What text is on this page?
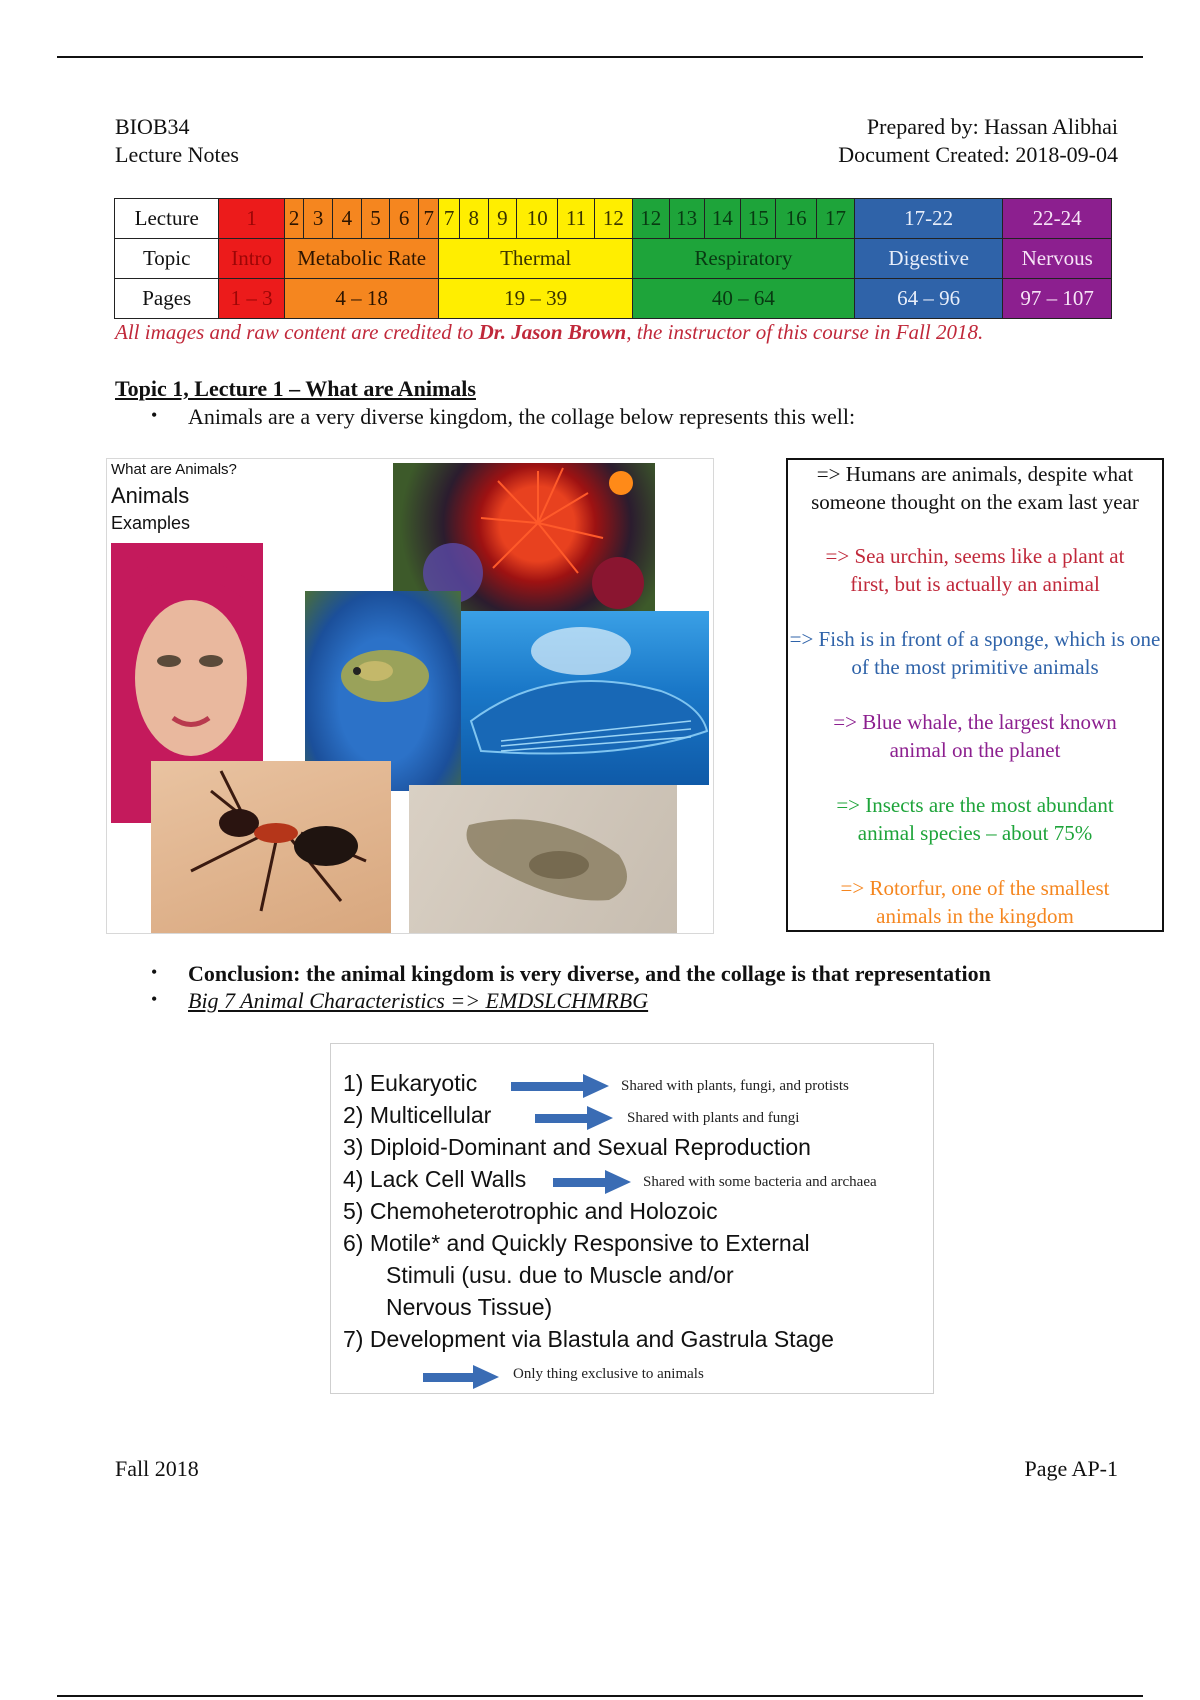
BIOB34
Lecture Notes
Prepared by: Hassan Alibhai
Document Created: 2018-09-04
Lecture	1	2	3	4	5	6	7	7	8	9	10	11	12	12	13	14	15	16	17	17-22	22-24
Topic	Intro	Metabolic Rate						Thermal						Respiratory						Digestive	Nervous
Pages	1 – 3	4 – 18						19 – 39						40 – 64						64 – 96	97 – 107
All images and raw content are credited to Dr. Jason Brown, the instructor of this course in Fall 2018.
Topic 1, Lecture 1 – What are Animals
• Animals are a very diverse kingdom, the collage below represents this well:
What are Animals?
Animals
Examples
=> Humans are animals, despite what someone thought on the exam last year
=> Sea urchin, seems like a plant at first, but is actually an animal
=> Fish is in front of a sponge, which is one of the most primitive animals
=> Blue whale, the largest known animal on the planet
=> Insects are the most abundant animal species – about 75%
=> Rotorfur, one of the smallest animals in the kingdom
• Conclusion: the animal kingdom is very diverse, and the collage is that representation
• Big 7 Animal Characteristics => EMDSLCHMRBG
1) Eukaryotic	Shared with plants, fungi, and protists
2) Multicellular	Shared with plants and fungi
3) Diploid-Dominant and Sexual Reproduction
4) Lack Cell Walls	Shared with some bacteria and archaea
5) Chemoheterotrophic and Holozoic
6) Motile* and Quickly Responsive to External
Stimuli (usu. due to Muscle and/or
Nervous Tissue)
7) Development via Blastula and Gastrula Stage
Only thing exclusive to animals
Fall 2018	Page AP-1
